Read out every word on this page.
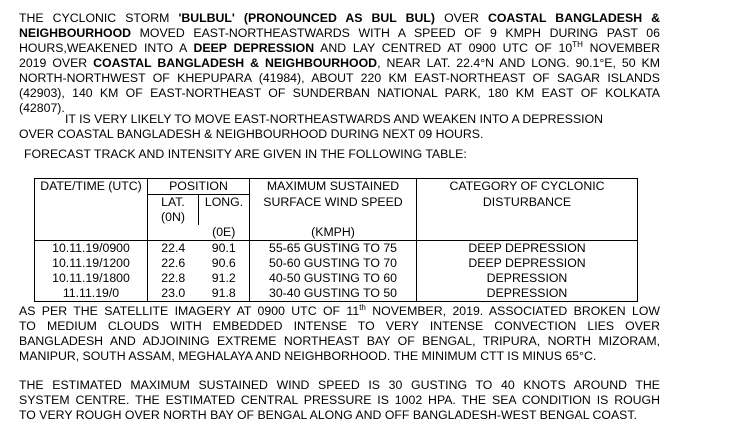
THE CYCLONIC STORM 'BULBUL' (PRONOUNCED AS BUL BUL) OVER COASTAL BANGLADESH &
NEIGHBOURHOOD MOVED EAST-NORTHEASTWARDS WITH A SPEED OF 9 KMPH DURING PAST 06
HOURS,WEAKENED INTO A DEEP DEPRESSION AND LAY CENTRED AT 0900 UTC OF 10TH NOVEMBER
2019 OVER COASTAL BANGLADESH & NEIGHBOURHOOD, NEAR LAT. 22.4°N AND LONG. 90.1°E, 50 KM
NORTH-NORTHWEST OF KHEPUPARA (41984), ABOUT 220 KM EAST-NORTHEAST OF SAGAR ISLANDS
(42903), 140 KM OF EAST-NORTHEAST OF SUNDERBAN NATIONAL PARK, 180 KM EAST OF KOLKATA
(42807).
IT IS VERY LIKELY TO MOVE EAST-NORTHEASTWARDS AND WEAKEN INTO A DEPRESSION
OVER COASTAL BANGLADESH & NEIGHBOURHOOD DURING NEXT 09 HOURS.
FORECAST TRACK AND INTENSITY ARE GIVEN IN THE FOLLOWING TABLE:
DATE/TIME (UTC)	POSITION		MAXIMUM SUSTAINED	CATEGORY OF CYCLONIC
	LAT. (0N)	LONG.	SURFACE WIND SPEED	DISTURBANCE
		(0E)	(KMPH)	
10.11.19/0900	22.4	90.1	55-65 GUSTING TO 75	DEEP DEPRESSION
10.11.19/1200	22.6	90.6	50-60 GUSTING TO 70	DEEP DEPRESSION
10.11.19/1800	22.8	91.2	40-50 GUSTING TO 60	DEPRESSION
11.11.19/0	23.0	91.8	30-40 GUSTING TO 50	DEPRESSION
AS PER THE SATELLITE IMAGERY AT 0900 UTC OF 11th NOVEMBER, 2019. ASSOCIATED BROKEN LOW
TO MEDIUM CLOUDS WITH EMBEDDED INTENSE TO VERY INTENSE CONVECTION LIES OVER
BANGLADESH AND ADJOINING EXTREME NORTHEAST BAY OF BENGAL, TRIPURA, NORTH MIZORAM,
MANIPUR, SOUTH ASSAM, MEGHALAYA AND NEIGHBORHOOD. THE MINIMUM CTT IS MINUS 65°C.
THE ESTIMATED MAXIMUM SUSTAINED WIND SPEED IS 30 GUSTING TO 40 KNOTS AROUND THE
SYSTEM CENTRE. THE ESTIMATED CENTRAL PRESSURE IS 1002 HPA. THE SEA CONDITION IS ROUGH
TO VERY ROUGH OVER NORTH BAY OF BENGAL ALONG AND OFF BANGLADESH-WEST BENGAL COAST.
